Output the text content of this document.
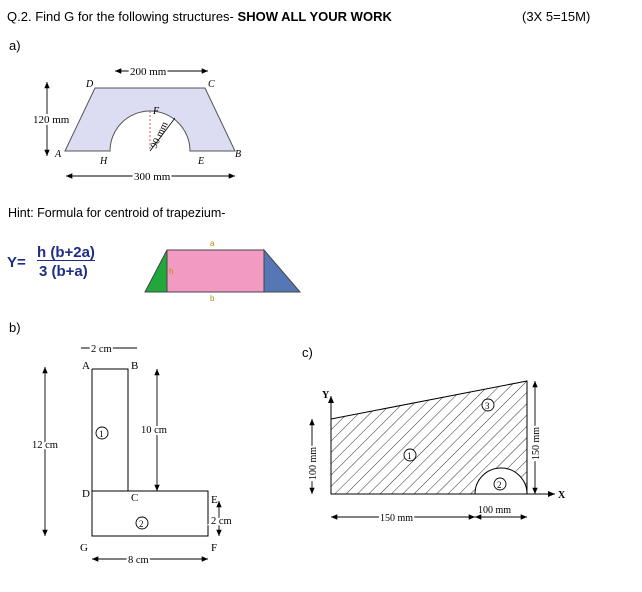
Q.2. Find G for the following structures- SHOW ALL YOUR WORK	(3X 5=15M)
a)
200 mm
300 mm
120 mm
90 mm
D	C
A	B
H	E
F
Hint: Formula for centroid of trapezium-
Y=
h (b+2a)
3 (b+a)
a
b
h
b)
2 cm
12 cm
10 cm
2 cm
8 cm
1
2
A	B
C
D	E
F
G
c)
Y
X
100 mm
150 mm
150 mm
100 mm
1
2
3
